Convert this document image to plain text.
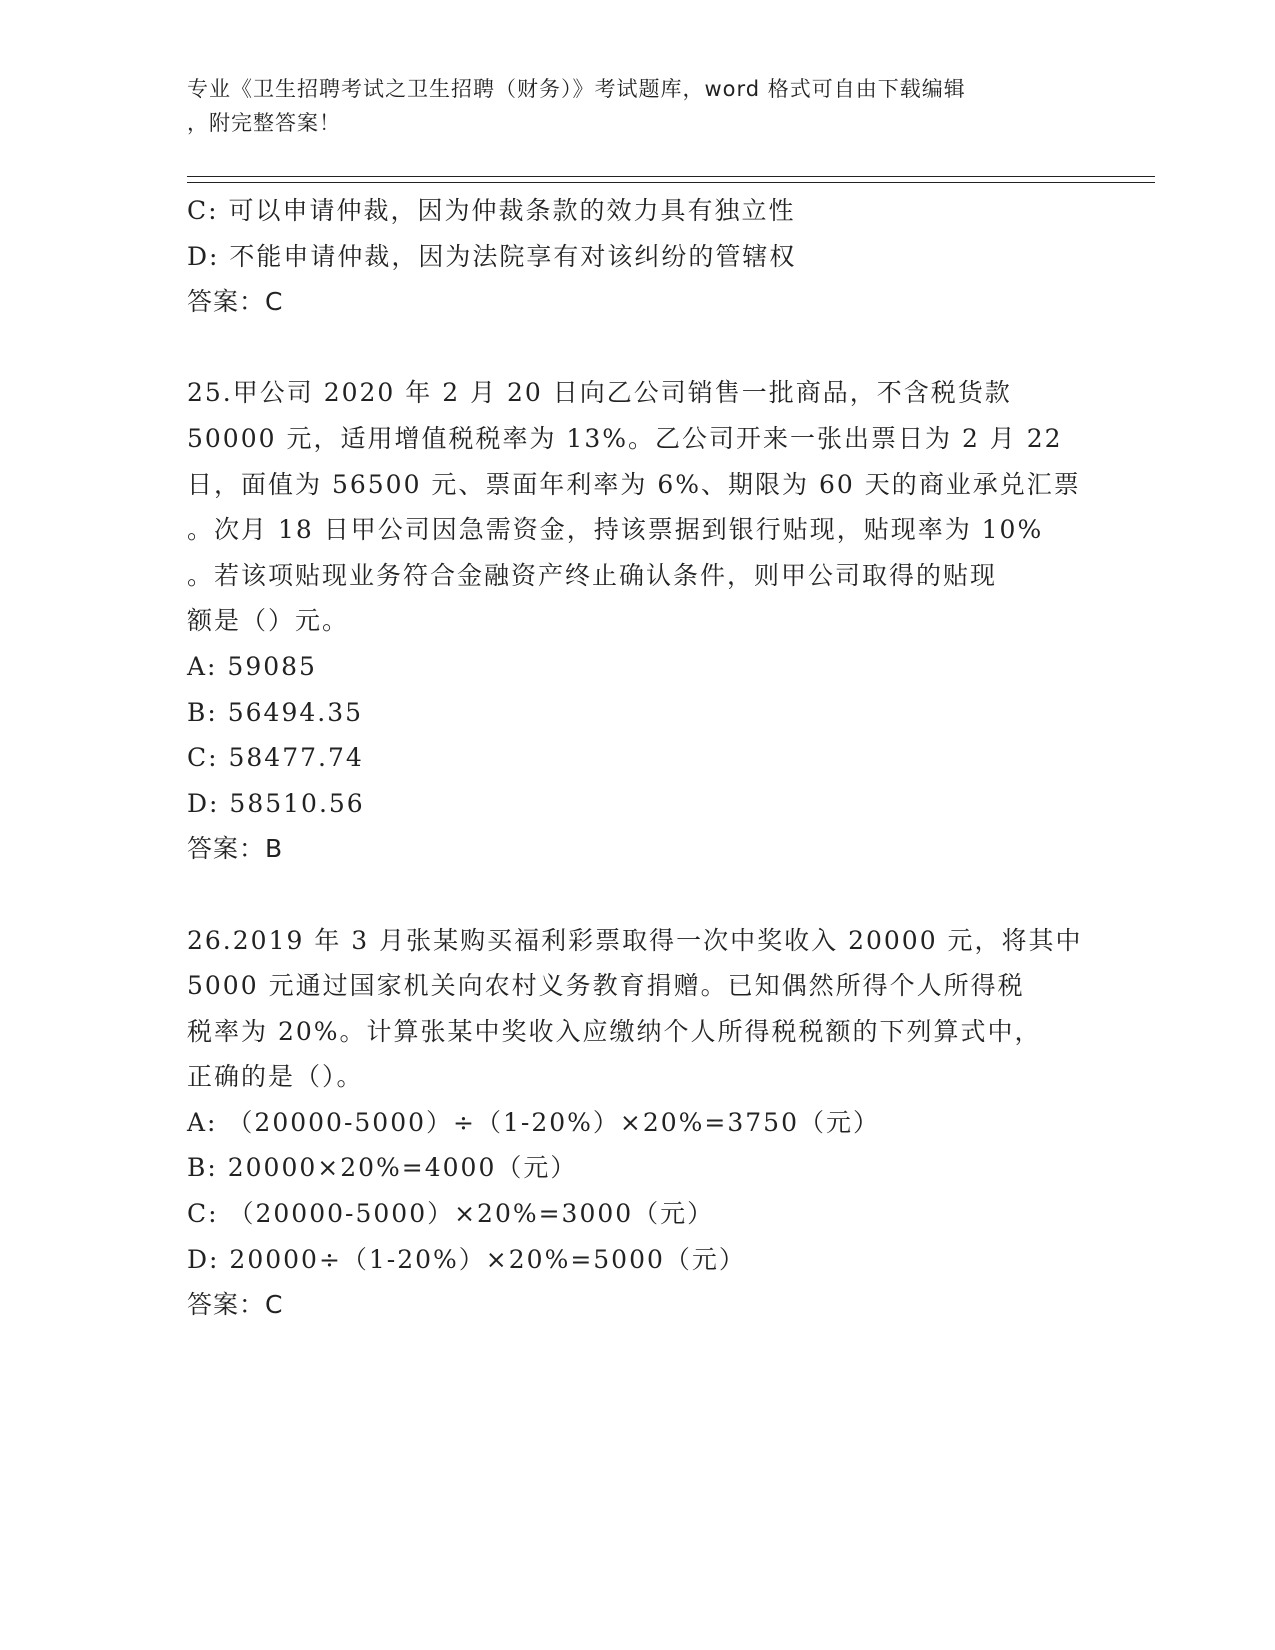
专业《卫生招聘考试之卫生招聘（财务）》考试题库，word 格式可自由下载编辑
，附完整答案！
C: 可以申请仲裁，因为仲裁条款的效力具有独立性
D: 不能申请仲裁，因为法院享有对该纠纷的管辖权
答案：C
25.甲公司 2020 年 2 月 20 日向乙公司销售一批商品，不含税货款
50000 元，适用增值税税率为 13%。乙公司开来一张出票日为 2 月 22
日，面值为 56500 元、票面年利率为 6%、期限为 60 天的商业承兑汇票
。次月 18 日甲公司因急需资金，持该票据到银行贴现，贴现率为 10%
。若该项贴现业务符合金融资产终止确认条件，则甲公司取得的贴现
额是（）元。
A: 59085
B: 56494.35
C: 58477.74
D: 58510.56
答案：B
26.2019 年 3 月张某购买福利彩票取得一次中奖收入 20000 元，将其中
5000 元通过国家机关向农村义务教育捐赠。已知偶然所得个人所得税
税率为 20%。计算张某中奖收入应缴纳个人所得税税额的下列算式中，
正确的是（）。
A: （20000-5000）÷（1-20%）×20%=3750（元）
B: 20000×20%=4000（元）
C: （20000-5000）×20%=3000（元）
D: 20000÷（1-20%）×20%=5000（元）
答案：C
